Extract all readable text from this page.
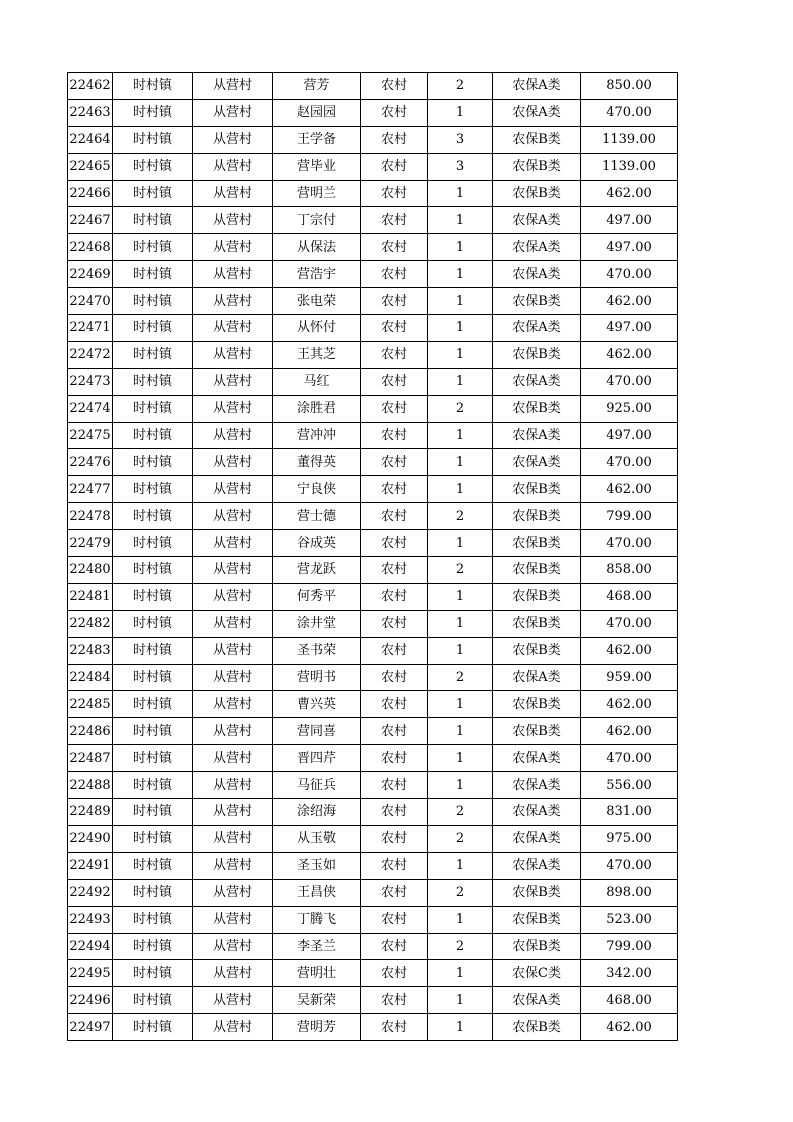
22462	时村镇	从营村	营芳	农村	2	农保A类	850.00
22463	时村镇	从营村	赵园园	农村	1	农保A类	470.00
22464	时村镇	从营村	王学备	农村	3	农保B类	1139.00
22465	时村镇	从营村	营毕业	农村	3	农保B类	1139.00
22466	时村镇	从营村	营明兰	农村	1	农保B类	462.00
22467	时村镇	从营村	丁宗付	农村	1	农保A类	497.00
22468	时村镇	从营村	从保法	农村	1	农保A类	497.00
22469	时村镇	从营村	营浩宇	农村	1	农保A类	470.00
22470	时村镇	从营村	张电荣	农村	1	农保B类	462.00
22471	时村镇	从营村	从怀付	农村	1	农保A类	497.00
22472	时村镇	从营村	王其芝	农村	1	农保B类	462.00
22473	时村镇	从营村	马红	农村	1	农保A类	470.00
22474	时村镇	从营村	涂胜君	农村	2	农保B类	925.00
22475	时村镇	从营村	营冲冲	农村	1	农保A类	497.00
22476	时村镇	从营村	董得英	农村	1	农保A类	470.00
22477	时村镇	从营村	宁良侠	农村	1	农保B类	462.00
22478	时村镇	从营村	营士德	农村	2	农保B类	799.00
22479	时村镇	从营村	谷成英	农村	1	农保B类	470.00
22480	时村镇	从营村	营龙跃	农村	2	农保B类	858.00
22481	时村镇	从营村	何秀平	农村	1	农保B类	468.00
22482	时村镇	从营村	涂井堂	农村	1	农保B类	470.00
22483	时村镇	从营村	圣书荣	农村	1	农保B类	462.00
22484	时村镇	从营村	营明书	农村	2	农保A类	959.00
22485	时村镇	从营村	曹兴英	农村	1	农保B类	462.00
22486	时村镇	从营村	营同喜	农村	1	农保B类	462.00
22487	时村镇	从营村	晋四芹	农村	1	农保A类	470.00
22488	时村镇	从营村	马征兵	农村	1	农保A类	556.00
22489	时村镇	从营村	涂绍海	农村	2	农保A类	831.00
22490	时村镇	从营村	从玉敬	农村	2	农保A类	975.00
22491	时村镇	从营村	圣玉如	农村	1	农保A类	470.00
22492	时村镇	从营村	王昌侠	农村	2	农保B类	898.00
22493	时村镇	从营村	丁腾飞	农村	1	农保B类	523.00
22494	时村镇	从营村	李圣兰	农村	2	农保B类	799.00
22495	时村镇	从营村	营明壮	农村	1	农保C类	342.00
22496	时村镇	从营村	吴新荣	农村	1	农保A类	468.00
22497	时村镇	从营村	营明芳	农村	1	农保B类	462.00
